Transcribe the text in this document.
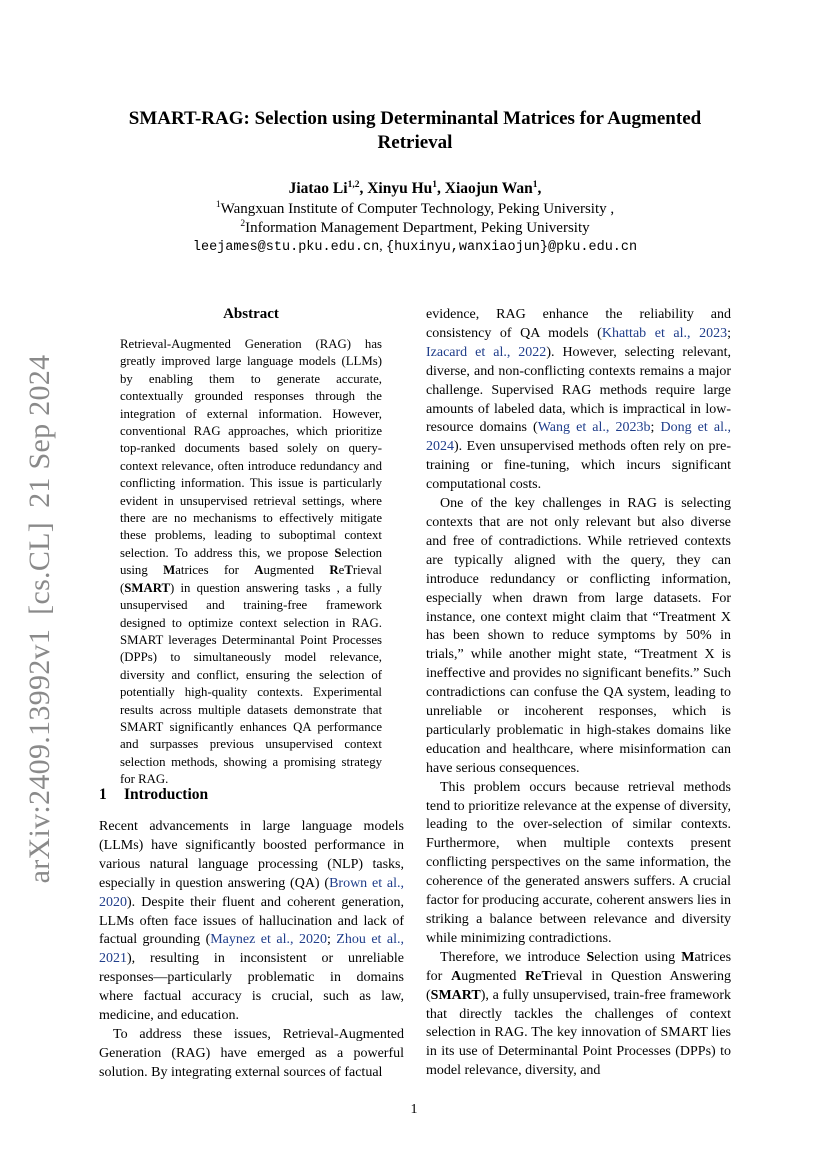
arXiv:2409.13992v1[cs.CL]21 Sep 2024
SMART-RAG: Selection using Determinantal Matrices for Augmented Retrieval
Jiatao Li$^{1,2}$, Xinyu Hu$^1$, Xiaojun Wan$^1$,
$^1$Wangxuan Institute of Computer Technology, Peking University ,
$^2$Information Management Department, Peking University
leejames@stu.pku.edu.cn, {huxinyu,wanxiaojun}@pku.edu.cn
Abstract
Retrieval-Augmented Generation (RAG) has greatly improved large language models (LLMs) by enabling them to generate accurate, contextually grounded responses through the integration of external information. However, conventional RAG approaches, which prioritize top-ranked documents based solely on query-context relevance, often introduce redundancy and conflicting information. This issue is particularly evident in unsupervised retrieval settings, where there are no mechanisms to effectively mitigate these problems, leading to suboptimal context selection. To address this, we propose Selection using Matrices for Augmented ReTrieval (SMART) in question answering tasks , a fully unsupervised and training-free framework designed to optimize context selection in RAG. SMART leverages Determinantal Point Processes (DPPs) to simultaneously model relevance, diversity and conflict, ensuring the selection of potentially high-quality contexts. Experimental results across multiple datasets demonstrate that SMART significantly enhances QA performance and surpasses previous unsupervised context selection methods, showing a promising strategy for RAG.
1 Introduction

Recent advancements in large language models (LLMs) have significantly boosted performance in various natural language processing (NLP) tasks, especially in question answering (QA) (Brown et al., 2020). Despite their fluent and coherent generation, LLMs often face issues of hallucination and lack of factual grounding (Maynez et al., 2020; Zhou et al., 2021), resulting in inconsistent or unreliable responses—particularly problematic in domains where factual accuracy is crucial, such as law, medicine, and education.

To address these issues, Retrieval-Augmented Generation (RAG) have emerged as a powerful solution. By integrating external sources of factual

evidence, RAG enhance the reliability and consistency of QA models (Khattab et al., 2023; Izacard et al., 2022). However, selecting relevant, diverse, and non-conflicting contexts remains a major challenge. Supervised RAG methods require large amounts of labeled data, which is impractical in low-resource domains (Wang et al., 2023b; Dong et al., 2024). Even unsupervised methods often rely on pre-training or fine-tuning, which incurs significant computational costs.

One of the key challenges in RAG is selecting contexts that are not only relevant but also diverse and free of contradictions. While retrieved contexts are typically aligned with the query, they can introduce redundancy or conflicting information, especially when drawn from large datasets. For instance, one context might claim that “Treatment X has been shown to reduce symptoms by 50% in trials,” while another might state, “Treatment X is ineffective and provides no significant benefits.” Such contradictions can confuse the QA system, leading to unreliable or incoherent responses, which is particularly problematic in high-stakes domains like education and healthcare, where misinformation can have serious consequences.

This problem occurs because retrieval methods tend to prioritize relevance at the expense of diversity, leading to the over-selection of similar contexts. Furthermore, when multiple contexts present conflicting perspectives on the same information, the coherence of the generated answers suffers. A crucial factor for producing accurate, coherent answers lies in striking a balance between relevance and diversity while minimizing contradictions.

Therefore, we introduce Selection using Matrices for Augmented ReTrieval in Question Answering (SMART), a fully unsupervised, train-free framework that directly tackles the challenges of context selection in RAG. The key innovation of SMART lies in its use of Determinantal Point Processes (DPPs) to model relevance, diversity, and

1
